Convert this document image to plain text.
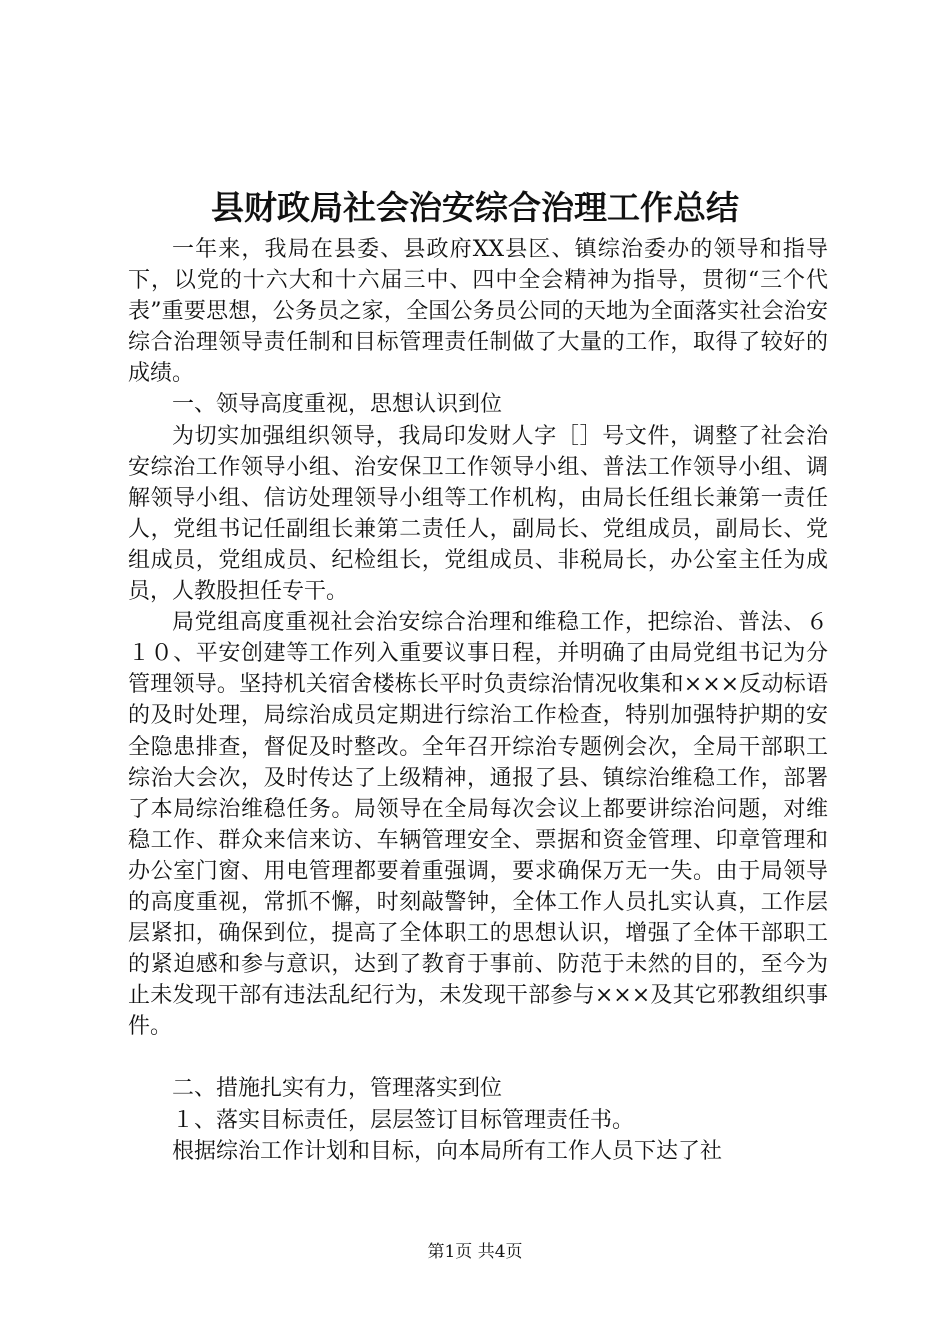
县财政局社会治安综合治理工作总结

一年来，我局在县委、县政府XX县区、镇综治委办的领导和指导下，以党的十六大和十六届三中、四中全会精神为指导，贯彻“三个代表”重要思想，公务员之家，全国公务员公同的天地为全面落实社会治安综合治理领导责任制和目标管理责任制做了大量的工作，取得了较好的成绩。

一、领导高度重视，思想认识到位

为切实加强组织领导，我局印发财人字［］号文件，调整了社会治安综治工作领导小组、治安保卫工作领导小组、普法工作领导小组、调解领导小组、信访处理领导小组等工作机构，由局长任组长兼第一责任人，党组书记任副组长兼第二责任人，副局长、党组成员，副局长、党组成员，党组成员、纪检组长，党组成员、非税局长，办公室主任为成员，人教股担任专干。

局党组高度重视社会治安综合治理和维稳工作，把综治、普法、６１０、平安创建等工作列入重要议事日程，并明确了由局党组书记为分管理领导。坚持机关宿舍楼栋长平时负责综治情况收集和×××反动标语的及时处理，局综治成员定期进行综治工作检查，特别加强特护期的安全隐患排查，督促及时整改。全年召开综治专题例会次，全局干部职工综治大会次，及时传达了上级精神，通报了县、镇综治维稳工作，部署了本局综治维稳任务。局领导在全局每次会议上都要讲综治问题，对维稳工作、群众来信来访、车辆管理安全、票据和资金管理、印章管理和办公室门窗、用电管理都要着重强调，要求确保万无一失。由于局领导的高度重视，常抓不懈，时刻敲警钟，全体工作人员扎实认真，工作层层紧扣，确保到位，提高了全体职工的思想认识，增强了全体干部职工的紧迫感和参与意识，达到了教育于事前、防范于未然的目的，至今为止未发现干部有违法乱纪行为，未发现干部参与×××及其它邪教组织事件。

二、措施扎实有力，管理落实到位

１、落实目标责任，层层签订目标管理责任书。

根据综治工作计划和目标，向本局所有工作人员下达了社

第1页 共4页
